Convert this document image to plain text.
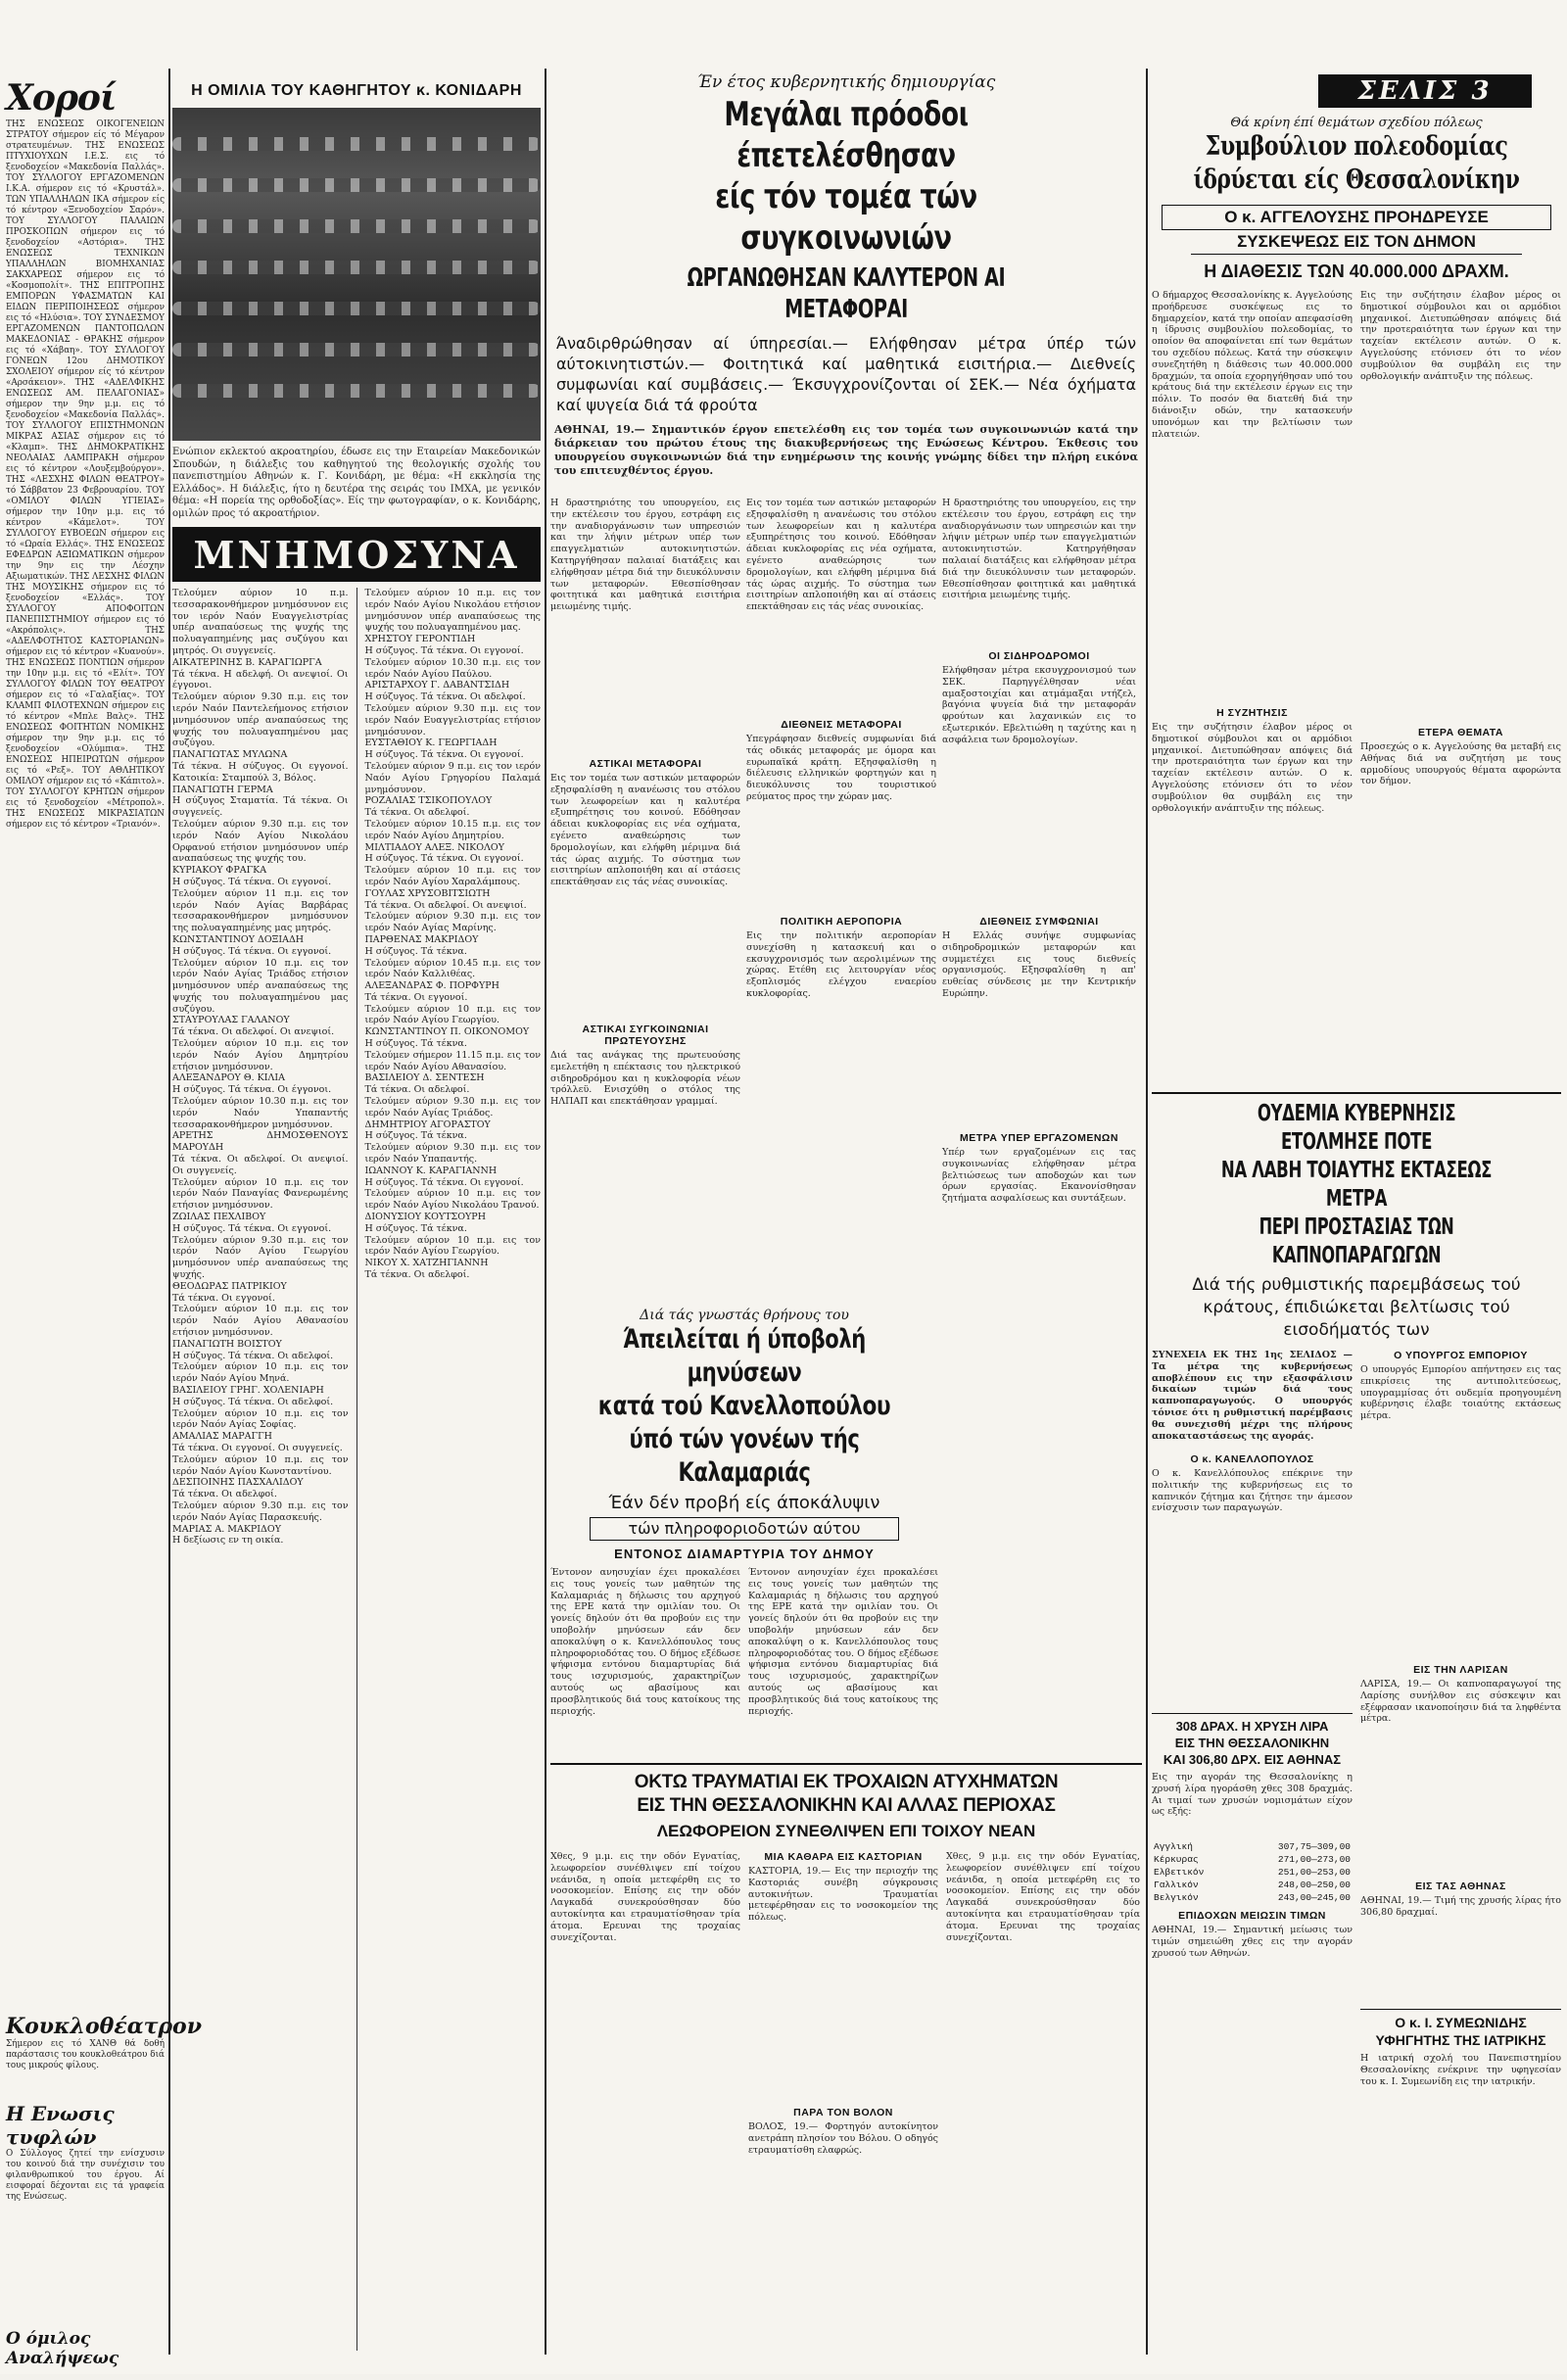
Χοροί
ΤΗΣ ΕΝΩΣΕΩΣ ΟΙΚΟΓΕΝΕΙΩΝ ΣΤΡΑΤΟΥ σήμερον είς τό Μέγαρον στρατευμένων. ΤΗΣ ΕΝΩΣΕΩΣ ΠΤΥΧΙΟΥΧΩΝ Ι.Ε.Σ. εις τό ξενοδοχείον «Μακεδονία Παλλάς». ΤΟΥ ΣΥΛΛΟΓΟΥ ΕΡΓΑΖΟΜΕΝΩΝ Ι.Κ.Α. σήμερον εις τό «Κρυστάλ». ΤΩΝ ΥΠΑΛΛΗΛΩΝ ΙΚΑ σήμερον είς τό κέντρον «Ξενοδοχείον Σαρόν». ΤΟΥ ΣΥΛΛΟΓΟΥ ΠΑΛΑΙΩΝ ΠΡΟΣΚΟΠΩΝ σήμερον εις τό ξενοδοχείον «Αστόρια». ΤΗΣ ΕΝΩΣΕΩΣ ΤΕΧΝΙΚΩΝ ΥΠΑΛΛΗΛΩΝ ΒΙΟΜΗΧΑΝΙΑΣ ΣΑΚΧΑΡΕΩΣ σήμερον εις τό «Κοσμοπολίτ». ΤΗΣ ΕΠΙΤΡΟΠΗΣ ΕΜΠΟΡΩΝ ΥΦΑΣΜΑΤΩΝ ΚΑΙ ΕΙΔΩΝ ΠΕΡΙΠΟΙΗΣΕΩΣ σήμερον εις τό «Ηλύσια». ΤΟΥ ΣΥΝΔΕΣΜΟΥ ΕΡΓΑΖΟΜΕΝΩΝ ΠΑΝΤΟΠΩΛΩΝ ΜΑΚΕΔΟΝΙΑΣ - ΘΡΑΚΗΣ σήμερον εις τό «Χάβαη». ΤΟΥ ΣΥΛΛΟΓΟΥ ΓΟΝΕΩΝ 12ου ΔΗΜΟΤΙΚΟΥ ΣΧΟΛΕΙΟΥ σήμερον είς τό κέντρον «Αρσάκειον». ΤΗΣ «ΑΔΕΛΦΙΚΗΣ ΕΝΩΣΕΩΣ ΑΜ. ΠΕΛΑΓΟΝΙΑΣ» σήμερον την 9ην μ.μ. εις τό ξενοδοχείον «Μακεδονία Παλλάς». ΤΟΥ ΣΥΛΛΟΓΟΥ ΕΠΙΣΤΗΜΟΝΩΝ ΜΙΚΡΑΣ ΑΣΙΑΣ σήμερον εις τό «Κλαμπ». ΤΗΣ ΔΗΜΟΚΡΑΤΙΚΗΣ ΝΕΟΛΑΙΑΣ ΛΑΜΠΡΑΚΗ σήμερον εις τό κέντρον «Λουξεμβούργον». ΤΗΣ «ΛΕΣΧΗΣ ΦΙΛΩΝ ΘΕΑΤΡΟΥ» τό Σάββατον 23 Φεβρουαρίου. ΤΟΥ «ΟΜΙΛΟΥ ΦΙΛΩΝ ΥΓΙΕΙΑΣ» σήμερον την 10ην μ.μ. εις τό κέντρον «Κάμελοτ». ΤΟΥ ΣΥΛΛΟΓΟΥ ΕΥΒΟΕΩΝ σήμερον εις τό «Ωραία Ελλάς». ΤΗΣ ΕΝΩΣΕΩΣ ΕΦΕΔΡΩΝ ΑΞΙΩΜΑΤΙΚΩΝ σήμερον την 9ην εις την Λέσχην Αξιωματικών. ΤΗΣ ΛΕΣΧΗΣ ΦΙΛΩΝ ΤΗΣ ΜΟΥΣΙΚΗΣ σήμερον εις τό ξενοδοχείον «Ελλάς». ΤΟΥ ΣΥΛΛΟΓΟΥ ΑΠΟΦΟΙΤΩΝ ΠΑΝΕΠΙΣΤΗΜΙΟΥ σήμερον εις τό «Ακρόπολις». ΤΗΣ «ΑΔΕΛΦΟΤΗΤΟΣ ΚΑΣΤΟΡΙΑΝΩΝ» σήμερον εις τό κέντρον «Κυανούν». ΤΗΣ ΕΝΩΣΕΩΣ ΠΟΝΤΙΩΝ σήμερον την 10ην μ.μ. εις τό «Ελίτ». ΤΟΥ ΣΥΛΛΟΓΟΥ ΦΙΛΩΝ ΤΟΥ ΘΕΑΤΡΟΥ σήμερον εις τό «Γαλαξίας». ΤΟΥ ΚΛΑΜΠ ΦΙΛΟΤΕΧΝΩΝ σήμερον εις τό κέντρον «Μπλε Βαλς». ΤΗΣ ΕΝΩΣΕΩΣ ΦΟΙΤΗΤΩΝ ΝΟΜΙΚΗΣ σήμερον την 9ην μ.μ. εις τό ξενοδοχείον «Ολύμπια». ΤΗΣ ΕΝΩΣΕΩΣ ΗΠΕΙΡΩΤΩΝ σήμερον εις τό «Ρεξ». ΤΟΥ ΑΘΛΗΤΙΚΟΥ ΟΜΙΛΟΥ σήμερον εις τό «Κάπιτολ». ΤΟΥ ΣΥΛΛΟΓΟΥ ΚΡΗΤΩΝ σήμερον εις τό ξενοδοχείον «Μέτροπολ». ΤΗΣ ΕΝΩΣΕΩΣ ΜΙΚΡΑΣΙΑΤΩΝ σήμερον εις τό κέντρον «Τριανόν».
Κουκλοθέατρον
Σήμερον εις τό ΧΑΝΘ θά δοθή παράστασις του κουκλοθεάτρου διά τους μικρούς φίλους.
Η Ενωσις τυφλών
Ο Σύλλογος ζητεί την ενίσχυσιν του κοινού διά την συνέχισιν του φιλανθρωπικού του έργου. Αί εισφοραί δέχονται εις τά γραφεία της Ενώσεως.
Ο όμιλος Αναλήψεως
Η ΟΜΙΛΙΑ ΤΟΥ ΚΑΘΗΓΗΤΟΥ κ. ΚΟΝΙΔΑΡΗ
Ενώπιον εκλεκτού ακροατηρίου, έδωσε εις την Εταιρείαν Μακεδονικών Σπουδών, η διάλεξις του καθηγητού της θεολογικής σχολής του πανεπιστημίου Αθηνών κ. Γ. Κονιδάρη, με θέμα: «Η εκκλησία της Ελλάδος». Η διάλεξις, ήτο η δευτέρα της σειράς του ΙΜΧΑ, με γενικόν θέμα: «Η πορεία της ορθοδοξίας». Είς την φωτογραφίαν, ο κ. Κονιδάρης, ομιλών προς τό ακροατήριον.
ΜΝΗΜΟΣΥΝΑ
Τελούμεν αύριον 10 π.μ. τεσσαρακονθήμερον μνημόσυνον εις τον ιερόν Ναόν Ευαγγελιστρίας υπέρ αναπαύσεως της ψυχής της πολυαγαπημένης μας συζύγου και μητρός. Οι συγγενείς.
ΑΙΚΑΤΕΡΙΝΗΣ Β. ΚΑΡΑΓΙΩΡΓΑ
Τά τέκνα. Η αδελφή. Οι ανεψιοί. Οι έγγονοι.
Τελούμεν αύριον 9.30 π.μ. εις τον ιερόν Ναόν Παντελεήμονος ετήσιον μνημόσυνον υπέρ αναπαύσεως της ψυχής του πολυαγαπημένου μας συζύγου.
ΠΑΝΑΓΙΩΤΑΣ ΜΥΛΩΝΑ
Τά τέκνα. Η σύζυγος. Οι εγγονοί. Κατοικία: Σταμπούλ 3, Βόλος.
ΠΑΝΑΓΙΩΤΗ ΓΕΡΜΑ
Η σύζυγος Σταματία. Τά τέκνα. Οι συγγενείς.
Τελούμεν αύριον 9.30 π.μ. εις τον ιερόν Ναόν Αγίου Νικολάου Ορφανού ετήσιον μνημόσυνον υπέρ αναπαύσεως της ψυχής του.
ΚΥΡΙΑΚΟΥ ΦΡΑΓΚΑ
Η σύζυγος. Τά τέκνα. Οι εγγονοί.
Τελούμεν αύριον 11 π.μ. εις τον ιερόν Ναόν Αγίας Βαρβάρας τεσσαρακονθήμερον μνημόσυνον της πολυαγαπημένης μας μητρός.
ΚΩΝΣΤΑΝΤΙΝΟΥ ΔΟΞΙΑΔΗ
Η σύζυγος. Τά τέκνα. Οι εγγονοί.
Τελούμεν αύριον 10 π.μ. εις τον ιερόν Ναόν Αγίας Τριάδος ετήσιον μνημόσυνον υπέρ αναπαύσεως της ψυχής του πολυαγαπημένου μας συζύγου.
ΣΤΑΥΡΟΥΛΑΣ ΓΑΛΑΝΟΥ
Τά τέκνα. Οι αδελφοί. Οι ανεψιοί.
Τελούμεν αύριον 10 π.μ. εις τον ιερόν Ναόν Αγίου Δημητρίου ετήσιον μνημόσυνον.
ΑΛΕΞΑΝΔΡΟΥ Θ. ΚΙΛΙΑ
Η σύζυγος. Τά τέκνα. Οι έγγονοι.
Τελούμεν αύριον 10.30 π.μ. εις τον ιερόν Ναόν Υπαπαντής τεσσαρακονθήμερον μνημόσυνον.
ΑΡΕΤΗΣ ΔΗΜΟΣΘΕΝΟΥΣ ΜΑΡΟΥΔΗ
Τά τέκνα. Οι αδελφοί. Οι ανεψιοί. Οι συγγενείς.
Τελούμεν αύριον 10 π.μ. εις τον ιερόν Ναόν Παναγίας Φανερωμένης ετήσιον μνημόσυνον.
ΖΩΙΛΑΣ ΠΕΧΛΙΒΟΥ
Η σύζυγος. Τά τέκνα. Οι εγγονοί.
Τελούμεν αύριον 9.30 π.μ. εις τον ιερόν Ναόν Αγίου Γεωργίου μνημόσυνον υπέρ αναπαύσεως της ψυχής.
ΘΕΟΔΩΡΑΣ ΠΑΤΡΙΚΙΟΥ
Τά τέκνα. Οι εγγονοί.
Τελούμεν αύριον 10 π.μ. εις τον ιερόν Ναόν Αγίου Αθανασίου ετήσιον μνημόσυνον.
ΠΑΝΑΓΙΩΤΗ ΒΟΙΣΤΟΥ
Η σύζυγος. Τά τέκνα. Οι αδελφοί.
Τελούμεν αύριον 10 π.μ. εις τον ιερόν Ναόν Αγίου Μηνά.
ΒΑΣΙΛΕΙΟΥ ΓΡΗΓ. ΧΟΛΕΝΙΑΡΗ
Η σύζυγος. Τά τέκνα. Οι αδελφοί.
Τελούμεν αύριον 10 π.μ. εις τον ιερόν Ναόν Αγίας Σοφίας.
ΑΜΑΛΙΑΣ ΜΑΡΑΓΓΗ
Τά τέκνα. Οι εγγονοί. Οι συγγενείς.
Τελούμεν αύριον 10 π.μ. εις τον ιερόν Ναόν Αγίου Κωνσταντίνου.
ΔΕΣΠΟΙΝΗΣ ΠΑΣΧΑΛΙΔΟΥ
Τά τέκνα. Οι αδελφοί.
Τελούμεν αύριον 9.30 π.μ. εις τον ιερόν Ναόν Αγίας Παρασκευής.
ΜΑΡΙΑΣ Α. ΜΑΚΡΙΔΟΥ
Η δεξίωσις εν τη οικία.
Τελούμεν αύριον 10 π.μ. εις τον ιερόν Ναόν Αγίου Νικολάου ετήσιον μνημόσυνον υπέρ αναπαύσεως της ψυχής του πολυαγαπημένου μας.
ΧΡΗΣΤΟΥ ΓΕΡΟΝΤΙΔΗ
Η σύζυγος. Τά τέκνα. Οι εγγονοί.
Τελούμεν αύριον 10.30 π.μ. εις τον ιερόν Ναόν Αγίου Παύλου.
ΑΡΙΣΤΑΡΧΟΥ Γ. ΔΑΒΑΝΤΣΙΔΗ
Η σύζυγος. Τά τέκνα. Οι αδελφοί.
Τελούμεν αύριον 9.30 π.μ. εις τον ιερόν Ναόν Ευαγγελιστρίας ετήσιον μνημόσυνον.
ΕΥΣΤΑΘΙΟΥ Κ. ΓΕΩΡΓΙΑΔΗ
Η σύζυγος. Τά τέκνα. Οι εγγονοί.
Τελούμεν αύριον 9 π.μ. εις τον ιερόν Ναόν Αγίου Γρηγορίου Παλαμά μνημόσυνον.
ΡΟΖΑΛΙΑΣ ΤΣΙΚΟΠΟΥΛΟΥ
Τά τέκνα. Οι αδελφοί.
Τελούμεν αύριον 10.15 π.μ. εις τον ιερόν Ναόν Αγίου Δημητρίου.
ΜΙΛΤΙΑΔΟΥ ΑΛΕΞ. ΝΙΚΟΛΟΥ
Η σύζυγος. Τά τέκνα. Οι εγγονοί.
Τελούμεν αύριον 10 π.μ. εις τον ιερόν Ναόν Αγίου Χαραλάμπους.
ΓΟΥΛΑΣ ΧΡΥΣΟΒΙΤΣΙΩΤΗ
Τά τέκνα. Οι αδελφοί. Οι ανεψιοί.
Τελούμεν αύριον 9.30 π.μ. εις τον ιερόν Ναόν Αγίας Μαρίνης.
ΠΑΡΘΕΝΑΣ ΜΑΚΡΙΔΟΥ
Η σύζυγος. Τά τέκνα.
Τελούμεν αύριον 10.45 π.μ. εις τον ιερόν Ναόν Καλλιθέας.
ΑΛΕΞΑΝΔΡΑΣ Φ. ΠΟΡΦΥΡΗ
Τά τέκνα. Οι εγγονοί.
Τελούμεν αύριον 10 π.μ. εις τον ιερόν Ναόν Αγίου Γεωργίου.
ΚΩΝΣΤΑΝΤΙΝΟΥ Π. ΟΙΚΟΝΟΜΟΥ
Η σύζυγος. Τά τέκνα.
Τελούμεν σήμερον 11.15 π.μ. εις τον ιερόν Ναόν Αγίου Αθανασίου.
ΒΑΣΙΛΕΙΟΥ Δ. ΣΕΝΤΕΣΗ
Τά τέκνα. Οι αδελφοί.
Τελούμεν αύριον 9.30 π.μ. εις τον ιερόν Ναόν Αγίας Τριάδος.
ΔΗΜΗΤΡΙΟΥ ΑΓΟΡΑΣΤΟΥ
Η σύζυγος. Τά τέκνα.
Τελούμεν αύριον 9.30 π.μ. εις τον ιερόν Ναόν Υπαπαντής.
ΙΩΑΝΝΟΥ Κ. ΚΑΡΑΓΙΑΝΝΗ
Η σύζυγος. Τά τέκνα. Οι εγγονοί.
Τελούμεν αύριον 10 π.μ. εις τον ιερόν Ναόν Αγίου Νικολάου Τρανού.
ΔΙΟΝΥΣΙΟΥ ΚΟΥΤΣΟΥΡΗ
Η σύζυγος. Τά τέκνα.
Τελούμεν αύριον 10 π.μ. εις τον ιερόν Ναόν Αγίου Γεωργίου.
ΝΙΚΟΥ Χ. ΧΑΤΖΗΓΙΑΝΝΗ
Τά τέκνα. Οι αδελφοί.
Έν έτος κυβερνητικής δημιουργίας
Μεγάλαι πρόοδοι έπετελέσθησαν
είς τόν τομέα τών συγκοινωνιών
ΩΡΓΑΝΩΘΗΣΑΝ ΚΑΛΥΤΕΡΟΝ ΑΙ ΜΕΤΑΦΟΡΑΙ
Άναδιρθρώθησαν αί ύπηρεσίαι.— Ελήφθησαν μέτρα ύπέρ τών αύτοκινητιστών.— Φοιτητικά καί μαθητικά εισιτήρια.— Διεθνείς συμφωνίαι καί συμβάσεις.— Έκσυγχρονίζονται οί ΣΕΚ.— Νέα όχήματα καί ψυγεία διά τά φρούτα
ΑΘΗΝΑΙ, 19.— Σημαντικόν έργον επετελέσθη εις τον τομέα των συγκοινωνιών κατά την διάρκειαν του πρώτου έτους της διακυβερνήσεως της Ενώσεως Κέντρου. Έκθεσις του υπουργείου συγκοινωνιών διά την ενημέρωσιν της κοινής γνώμης δίδει την πλήρη εικόνα του επιτευχθέντος έργου.
Η δραστηριότης του υπουργείου, εις την εκτέλεσιν του έργου, εστράφη εις την αναδιοργάνωσιν των υπηρεσιών και την λήψιν μέτρων υπέρ των επαγγελματιών αυτοκινητιστών. Κατηργήθησαν παλαιαί διατάξεις και ελήφθησαν μέτρα διά την διευκόλυνσιν των μεταφορών. Εθεσπίσθησαν φοιτητικά και μαθητικά εισιτήρια μειωμένης τιμής.
ΑΣΤΙΚΑΙ ΜΕΤΑΦΟΡΑΙ
Εις τον τομέα των αστικών μεταφορών εξησφαλίσθη η ανανέωσις του στόλου των λεωφορείων και η καλυτέρα εξυπηρέτησις του κοινού. Εδόθησαν άδειαι κυκλοφορίας εις νέα οχήματα, εγένετο αναθεώρησις των δρομολογίων, και ελήφθη μέριμνα διά τάς ώρας αιχμής. Το σύστημα των εισιτηρίων απλοποιήθη και αί στάσεις επεκτάθησαν εις τάς νέας συνοικίας.
ΑΣΤΙΚΑΙ ΣΥΓΚΟΙΝΩΝΙΑΙ ΠΡΩΤΕΥΟΥΣΗΣ
Διά τας ανάγκας της πρωτευούσης εμελετήθη η επέκτασις του ηλεκτρικού σιδηροδρόμου και η κυκλοφορία νέων τρόλλεϋ. Ενισχύθη ο στόλος της ΗΛΠΑΠ και επεκτάθησαν γραμμαί.
Εις τον τομέα των αστικών μεταφορών εξησφαλίσθη η ανανέωσις του στόλου των λεωφορείων και η καλυτέρα εξυπηρέτησις του κοινού. Εδόθησαν άδειαι κυκλοφορίας εις νέα οχήματα, εγένετο αναθεώρησις των δρομολογίων, και ελήφθη μέριμνα διά τάς ώρας αιχμής. Το σύστημα των εισιτηρίων απλοποιήθη και αί στάσεις επεκτάθησαν εις τάς νέας συνοικίας.
ΔΙΕΘΝΕΙΣ ΜΕΤΑΦΟΡΑΙ
Υπεγράφησαν διεθνείς συμφωνίαι διά τάς οδικάς μεταφοράς με όμορα και ευρωπαϊκά κράτη. Εξησφαλίσθη η διέλευσις ελληνικών φορτηγών και η διευκόλυνσις του τουριστικού ρεύματος προς την χώραν μας.
ΠΟΛΙΤΙΚΗ ΑΕΡΟΠΟΡΙΑ
Εις την πολιτικήν αεροπορίαν συνεχίσθη η κατασκευή και ο εκσυγχρονισμός των αερολιμένων της χώρας. Ετέθη εις λειτουργίαν νέος εξοπλισμός ελέγχου εναερίου κυκλοφορίας.
Η δραστηριότης του υπουργείου, εις την εκτέλεσιν του έργου, εστράφη εις την αναδιοργάνωσιν των υπηρεσιών και την λήψιν μέτρων υπέρ των επαγγελματιών αυτοκινητιστών. Κατηργήθησαν παλαιαί διατάξεις και ελήφθησαν μέτρα διά την διευκόλυνσιν των μεταφορών. Εθεσπίσθησαν φοιτητικά και μαθητικά εισιτήρια μειωμένης τιμής.
ΟΙ ΣΙΔΗΡΟΔΡΟΜΟΙ
Ελήφθησαν μέτρα εκσυγχρονισμού των ΣΕΚ. Παρηγγέλθησαν νέαι αμαξοστοιχίαι και ατμάμαξαι ντήζελ, βαγόνια ψυγεία διά την μεταφοράν φρούτων και λαχανικών εις το εξωτερικόν. Εβελτιώθη η ταχύτης και η ασφάλεια των δρομολογίων.
ΔΙΕΘΝΕΙΣ ΣΥΜΦΩΝΙΑΙ
Η Ελλάς συνήψε συμφωνίας σιδηροδρομικών μεταφορών και συμμετέχει εις τους διεθνείς οργανισμούς. Εξησφαλίσθη η απ' ευθείας σύνδεσις με την Κεντρικήν Ευρώπην.
ΜΕΤΡΑ ΥΠΕΡ ΕΡΓΑΖΟΜΕΝΩΝ
Υπέρ των εργαζομένων εις τας συγκοινωνίας ελήφθησαν μέτρα βελτιώσεως των αποδοχών και των όρων εργασίας. Εκανονίσθησαν ζητήματα ασφαλίσεως και συντάξεων.
Διά τάς γνωστάς θρήνους του
Άπειλείται ή ύποβολή μηνύσεων
κατά τού Κανελλοπούλου
ύπό τών γονέων τής Καλαμαριάς
Έάν δέν προβή είς άποκάλυψιν
τών πληροφοριοδοτών αύτου
ΕΝΤΟΝΟΣ ΔΙΑΜΑΡΤΥΡΙΑ ΤΟΥ ΔΗΜΟΥ
Έντονον ανησυχίαν έχει προκαλέσει εις τους γονείς των μαθητών της Καλαμαριάς η δήλωσις του αρχηγού της ΕΡΕ κατά την ομιλίαν του. Οι γονείς δηλούν ότι θα προβούν εις την υποβολήν μηνύσεων εάν δεν αποκαλύψη ο κ. Κανελλόπουλος τους πληροφοριοδότας του. Ο δήμος εξέδωσε ψήφισμα εντόνου διαμαρτυρίας διά τους ισχυρισμούς, χαρακτηρίζων αυτούς ως αβασίμους και προσβλητικούς διά τους κατοίκους της περιοχής.
Έντονον ανησυχίαν έχει προκαλέσει εις τους γονείς των μαθητών της Καλαμαριάς η δήλωσις του αρχηγού της ΕΡΕ κατά την ομιλίαν του. Οι γονείς δηλούν ότι θα προβούν εις την υποβολήν μηνύσεων εάν δεν αποκαλύψη ο κ. Κανελλόπουλος τους πληροφοριοδότας του. Ο δήμος εξέδωσε ψήφισμα εντόνου διαμαρτυρίας διά τους ισχυρισμούς, χαρακτηρίζων αυτούς ως αβασίμους και προσβλητικούς διά τους κατοίκους της περιοχής.
ΟΚΤΩ ΤΡΑΥΜΑΤΙΑΙ ΕΚ ΤΡΟΧΑΙΩΝ ΑΤΥΧΗΜΑΤΩΝ
ΕΙΣ ΤΗΝ ΘΕΣΣΑΛΟΝΙΚΗΝ ΚΑΙ ΑΛΛΑΣ ΠΕΡΙΟΧΑΣ
ΛΕΩΦΟΡΕΙΟΝ ΣΥΝΕΘΛΙΨΕΝ ΕΠΙ ΤΟΙΧΟΥ ΝΕΑΝ
Χθες, 9 μ.μ. εις την οδόν Εγνατίας, λεωφορείον συνέθλιψεν επί τοίχου νεάνιδα, η οποία μετεφέρθη εις το νοσοκομείον. Επίσης εις την οδόν Λαγκαδά συνεκρούσθησαν δύο αυτοκίνητα και ετραυματίσθησαν τρία άτομα. Ερευναι της τροχαίας συνεχίζονται.
ΜΙΑ ΚΑΘΑΡΑ ΕΙΣ ΚΑΣΤΟΡΙΑΝ
ΚΑΣΤΟΡΙΑ, 19.— Εις την περιοχήν της Καστοριάς συνέβη σύγκρουσις αυτοκινήτων. Τραυματίαι μετεφέρθησαν εις το νοσοκομείον της πόλεως.
ΠΑΡΑ ΤΟΝ ΒΟΛΟΝ
ΒΟΛΟΣ, 19.— Φορτηγόν αυτοκίνητον ανετράπη πλησίον του Βόλου. Ο οδηγός ετραυματίσθη ελαφρώς.
Χθες, 9 μ.μ. εις την οδόν Εγνατίας, λεωφορείον συνέθλιψεν επί τοίχου νεάνιδα, η οποία μετεφέρθη εις το νοσοκομείον. Επίσης εις την οδόν Λαγκαδά συνεκρούσθησαν δύο αυτοκίνητα και ετραυματίσθησαν τρία άτομα. Ερευναι της τροχαίας συνεχίζονται.
ΣΕΛΙΣ 3
Θά κρίνη έπί θεμάτων σχεδίου πόλεως
Συμβούλιον πολεοδομίας
ίδρύεται είς Θεσσαλονίκην
Ο κ. ΑΓΓΕΛΟΥΣΗΣ ΠΡΟΗΔΡΕΥΣΕ
ΣΥΣΚΕΨΕΩΣ ΕΙΣ ΤΟΝ ΔΗΜΟΝ
Η ΔΙΑΘΕΣΙΣ ΤΩΝ 40.000.000 ΔΡΑΧΜ.
Ο δήμαρχος Θεσσαλονίκης κ. Αγγελούσης προήδρευσε συσκέψεως εις το δημαρχείον, κατά την οποίαν απεφασίσθη η ίδρυσις συμβουλίου πολεοδομίας, το οποίον θα αποφαίνεται επί των θεμάτων του σχεδίου πόλεως. Κατά την σύσκεψιν συνεζητήθη η διάθεσις των 40.000.000 δραχμών, τα οποία εχορηγήθησαν υπό του κράτους διά την εκτέλεσιν έργων εις την πόλιν. Το ποσόν θα διατεθή διά την διάνοιξιν οδών, την κατασκευήν υπονόμων και την βελτίωσιν των πλατειών.
Η ΣΥΖΗΤΗΣΙΣ
Εις την συζήτησιν έλαβον μέρος οι δημοτικοί σύμβουλοι και οι αρμόδιοι μηχανικοί. Διετυπώθησαν απόψεις διά την προτεραιότητα των έργων και την ταχείαν εκτέλεσιν αυτών. Ο κ. Αγγελούσης ετόνισεν ότι το νέον συμβούλιον θα συμβάλη εις την ορθολογικήν ανάπτυξιν της πόλεως.
Εις την συζήτησιν έλαβον μέρος οι δημοτικοί σύμβουλοι και οι αρμόδιοι μηχανικοί. Διετυπώθησαν απόψεις διά την προτεραιότητα των έργων και την ταχείαν εκτέλεσιν αυτών. Ο κ. Αγγελούσης ετόνισεν ότι το νέον συμβούλιον θα συμβάλη εις την ορθολογικήν ανάπτυξιν της πόλεως.
ΕΤΕΡΑ ΘΕΜΑΤΑ
Προσεχώς ο κ. Αγγελούσης θα μεταβή εις Αθήνας διά να συζητήση με τους αρμοδίους υπουργούς θέματα αφορώντα τον δήμον.
ΟΥΔΕΜΙΑ ΚΥΒΕΡΝΗΣΙΣ ΕΤΟΛΜΗΣΕ ΠΟΤΕ
ΝΑ ΛΑΒΗ ΤΟΙΑΥΤΗΣ ΕΚΤΑΣΕΩΣ ΜΕΤΡΑ
ΠΕΡΙ ΠΡΟΣΤΑΣΙΑΣ ΤΩΝ ΚΑΠΝΟΠΑΡΑΓΩΓΩΝ
Διά τής ρυθμιστικής παρεμβάσεως τού κράτους, έπιδιώκεται βελτίωσις τού εισοδήματός των
ΣΥΝΕΧΕΙΑ ΕΚ ΤΗΣ 1ης ΣΕΛΙΔΟΣ — Τα μέτρα της κυβερνήσεως αποβλέπουν εις την εξασφάλισιν δικαίων τιμών διά τους καπνοπαραγωγούς. Ο υπουργός τόνισε ότι η ρυθμιστική παρέμβασις θα συνεχισθή μέχρι της πλήρους αποκαταστάσεως της αγοράς.
Ο κ. ΚΑΝΕΛΛΟΠΟΥΛΟΣ
Ο κ. Κανελλόπουλος επέκρινε την πολιτικήν της κυβερνήσεως εις το καπνικόν ζήτημα και ζήτησε την άμεσον ενίσχυσιν των παραγωγών.
308 ΔΡΑΧ. Η ΧΡΥΣΗ ΛΙΡΑ
ΕΙΣ ΤΗΝ ΘΕΣΣΑΛΟΝΙΚΗΝ
ΚΑΙ 306,80 ΔΡΧ. ΕΙΣ ΑΘΗΝΑΣ
Εις την αγοράν της Θεσσαλονίκης η χρυσή λίρα ηγοράσθη χθες 308 δραχμάς. Αι τιμαί των χρυσών νομισμάτων είχον ως εξής:
Αγγλική	307,75—309,00
Κέρκυρας	271,00—273,00
Ελβετικόν	251,00—253,00
Γαλλικόν	248,00—250,00
Βελγικόν	243,00—245,00
ΕΠΙΔΟΧΩΝ ΜΕΙΩΣΙΝ ΤΙΜΩΝ
ΑΘΗΝΑΙ, 19.— Σημαντική μείωσις των τιμών σημειώθη χθες εις την αγοράν χρυσού των Αθηνών.
Ο ΥΠΟΥΡΓΟΣ ΕΜΠΟΡΙΟΥ
Ο υπουργός Εμπορίου απήντησεν εις τας επικρίσεις της αντιπολιτεύσεως, υπογραμμίσας ότι ουδεμία προηγουμένη κυβέρνησις έλαβε τοιαύτης εκτάσεως μέτρα.
ΕΙΣ ΤΗΝ ΛΑΡΙΣΑΝ
ΛΑΡΙΣΑ, 19.— Οι καπνοπαραγωγοί της Λαρίσης συνήλθον εις σύσκεψιν και εξέφρασαν ικανοποίησιν διά τα ληφθέντα μέτρα.
ΕΙΣ ΤΑΣ ΑΘΗΝΑΣ
ΑΘΗΝΑΙ, 19.— Τιμή της χρυσής λίρας ήτο 306,80 δραχμαί.
Ο κ. Ι. ΣΥΜΕΩΝΙΔΗΣ
ΥΦΗΓΗΤΗΣ ΤΗΣ ΙΑΤΡΙΚΗΣ
Η ιατρική σχολή του Πανεπιστημίου Θεσσαλονίκης ενέκρινε την υφηγεσίαν του κ. Ι. Συμεωνίδη εις την ιατρικήν.
